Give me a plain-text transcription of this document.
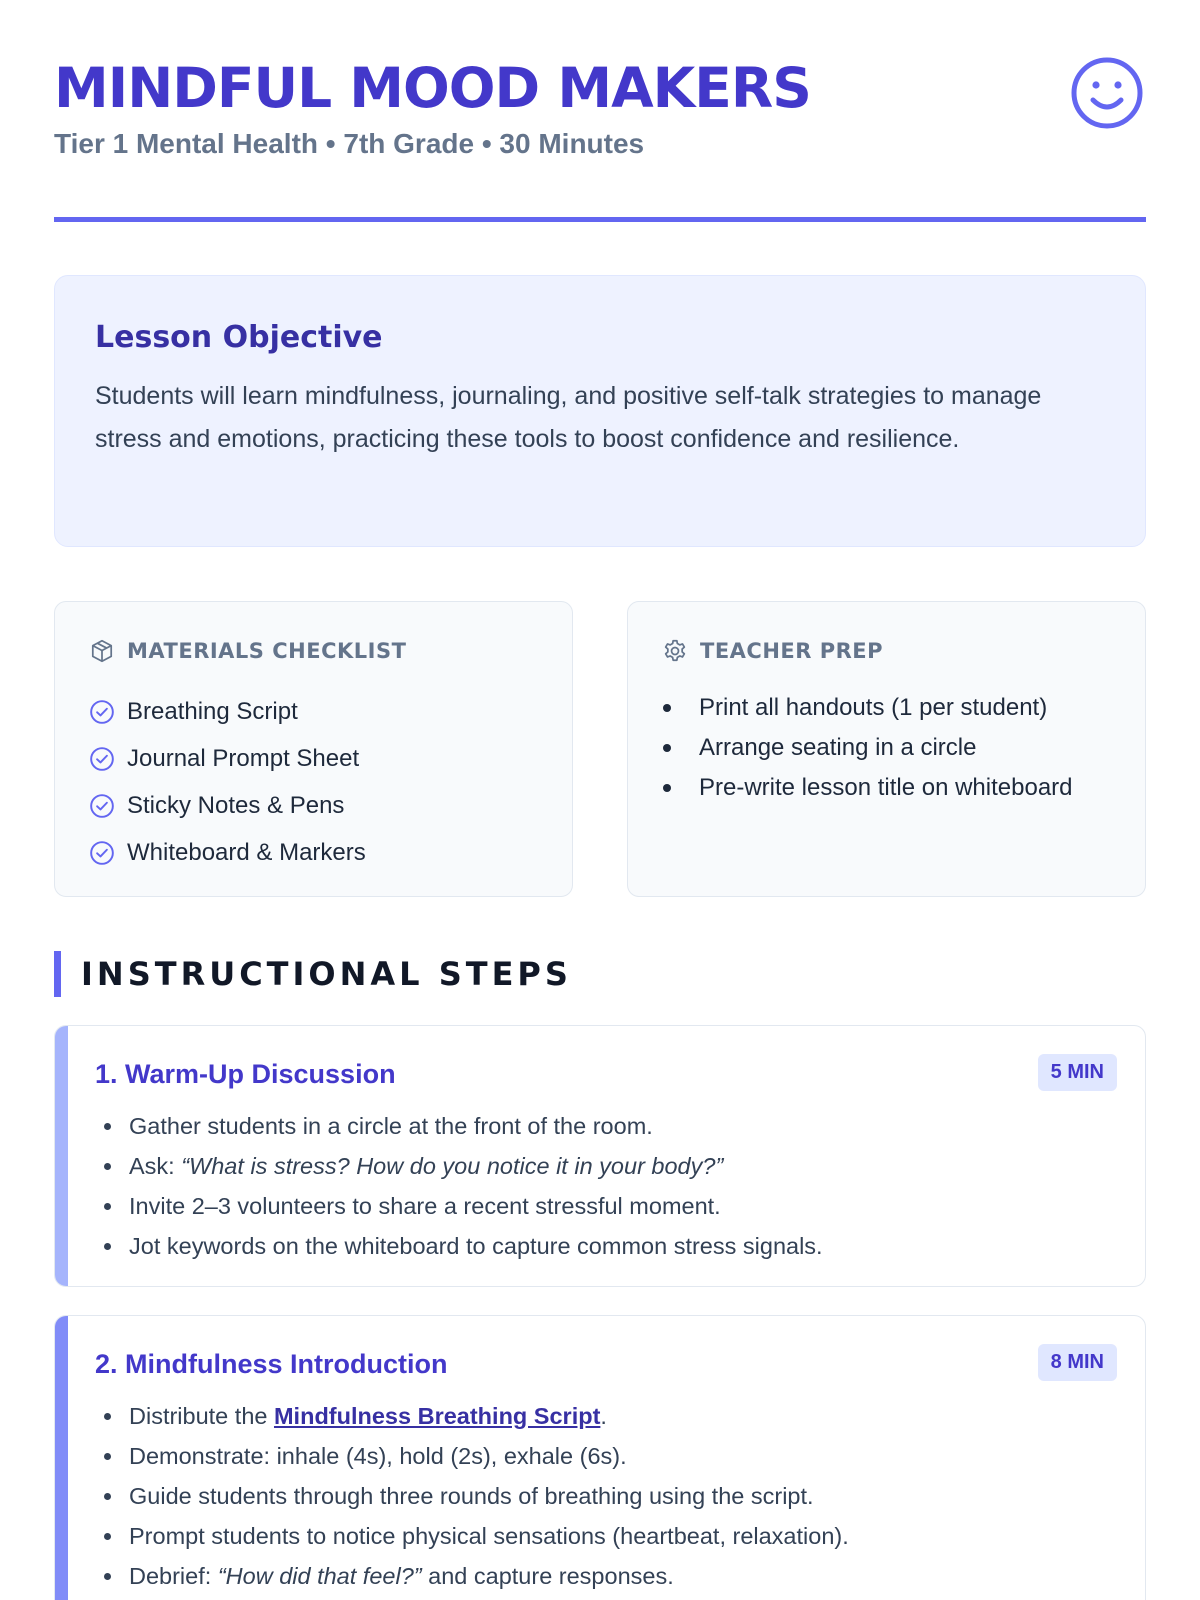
MINDFUL MOOD MAKERS
Tier 1 Mental Health • 7th Grade • 30 Minutes
Lesson Objective

Students will learn mindfulness, journaling, and positive self-talk strategies to manage stress and emotions, practicing these tools to boost confidence and resilience.

MATERIALS CHECKLIST
Breathing Script
Journal Prompt Sheet
Sticky Notes & Pens
Whiteboard & Markers
TEACHER PREP
Print all handouts (1 per student)
Arrange seating in a circle
Pre-write lesson title on whiteboard
INSTRUCTIONAL STEPS
1. Warm-Up Discussion	5 MIN
Gather students in a circle at the front of the room.
Ask: “What is stress? How do you notice it in your body?”
Invite 2–3 volunteers to share a recent stressful moment.
Jot keywords on the whiteboard to capture common stress signals.
2. Mindfulness Introduction	8 MIN
Distribute the Mindfulness Breathing Script .
Demonstrate: inhale (4s), hold (2s), exhale (6s).
Guide students through three rounds of breathing using the script.
Prompt students to notice physical sensations (heartbeat, relaxation).
Debrief: “How did that feel?” and capture responses.
